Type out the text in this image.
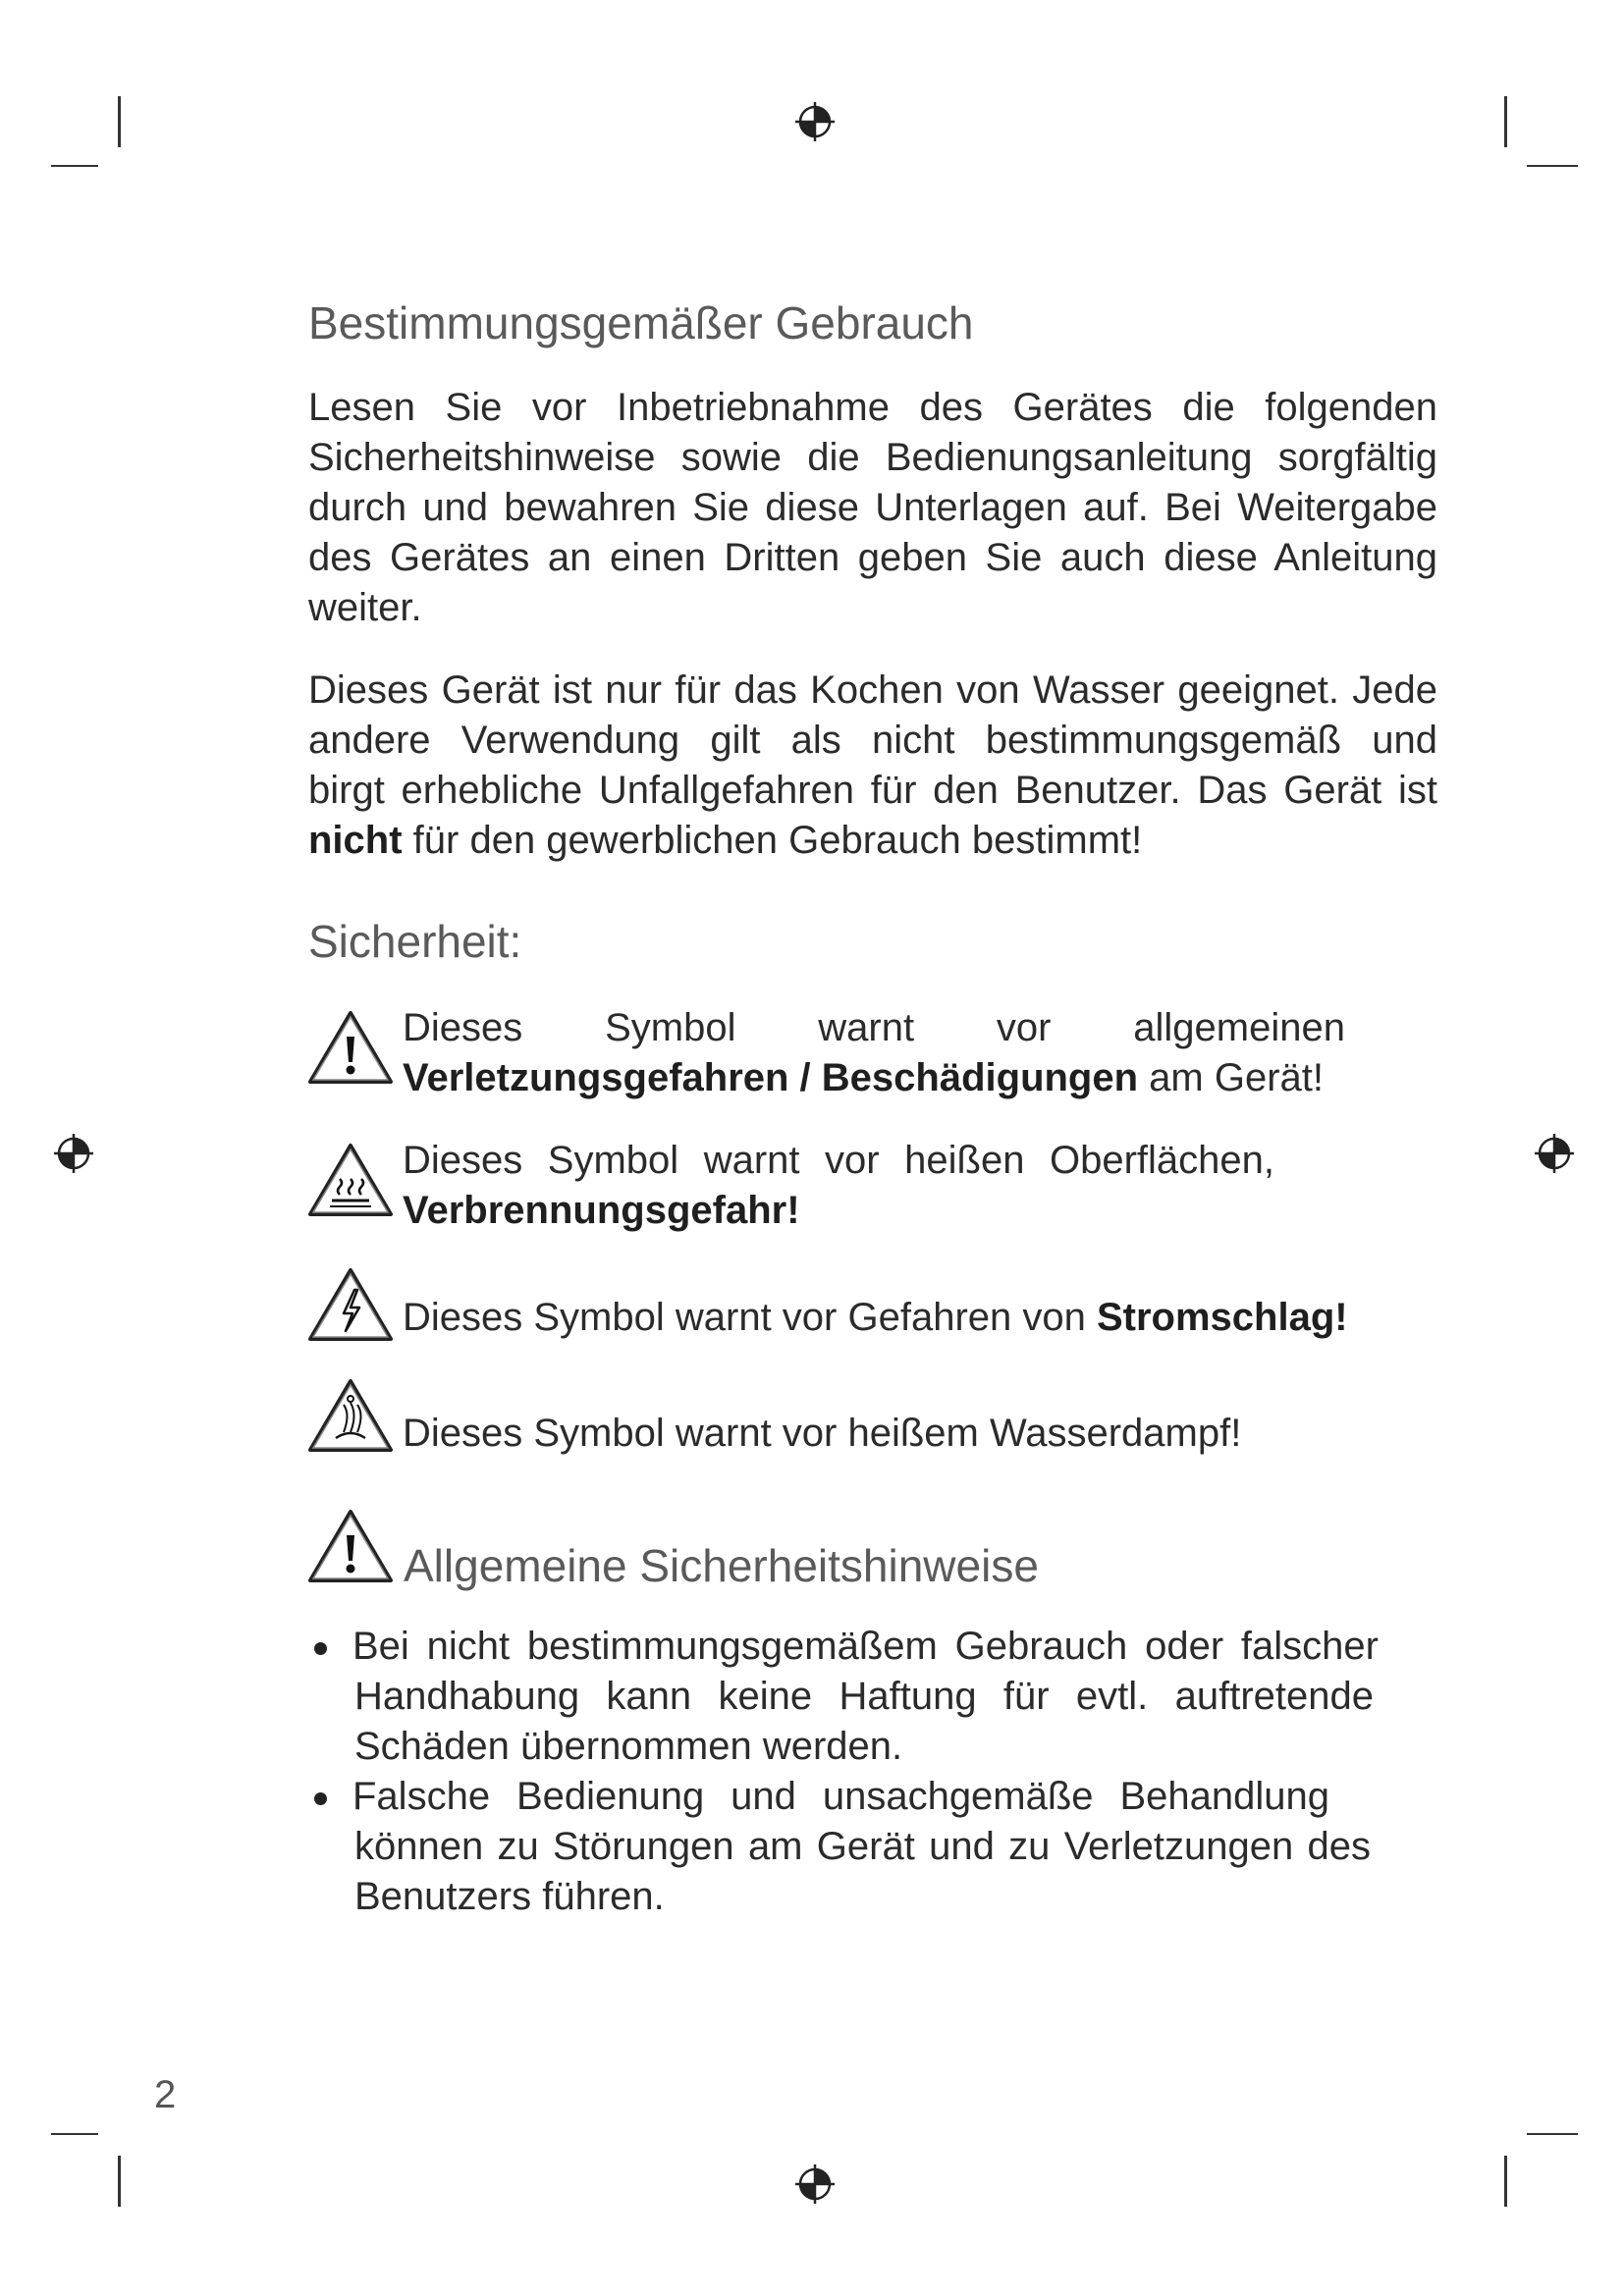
Bestimmungsgemäßer Gebrauch
Lesen Sie vor Inbetriebnahme des Gerätes die folgenden
Sicherheitshinweise sowie die Bedienungsanleitung sorgfältig
durch und bewahren Sie diese Unterlagen auf. Bei Weitergabe
des Gerätes an einen Dritten geben Sie auch diese Anleitung
weiter.
Dieses Gerät ist nur für das Kochen von Wasser geeignet. Jede
andere Verwendung gilt als nicht bestimmungsgemäß und
birgt erhebliche Unfallgefahren für den Benutzer. Das Gerät ist
nicht für den gewerblichen Gebrauch bestimmt!
Sicherheit:
Dieses Symbol warnt vor allgemeinen
Verletzungsgefahren / Beschädigungen am Gerät!
Dieses Symbol warnt vor heißen Oberflächen,
Verbrennungsgefahr!
Dieses Symbol warnt vor Gefahren von Stromschlag!
Dieses Symbol warnt vor heißem Wasserdampf!
Allgemeine Sicherheitshinweise
Bei nicht bestimmungsgemäßem Gebrauch oder falscher
Handhabung kann keine Haftung für evtl. auftretende
Schäden übernommen werden.
Falsche Bedienung und unsachgemäße Behandlung
können zu Störungen am Gerät und zu Verletzungen des
Benutzers führen.
2
